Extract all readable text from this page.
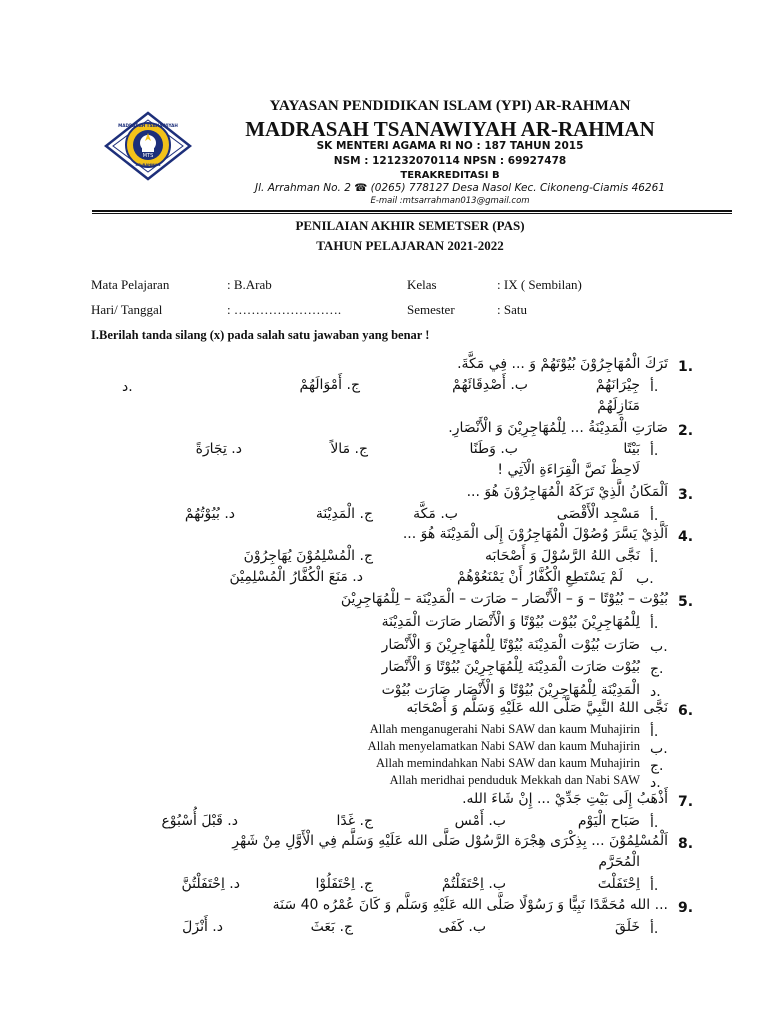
MTS
MADRASAH TSANAWIYAH
AR-RAHMAN
YAYASAN PENDIDIKAN ISLAM (YPI) AR-RAHMAN
MADRASAH TSANAWIYAH AR-RAHMAN
SK MENTERI AGAMA RI NO : 187 TAHUN 2015
NSM : 121232070114 NPSN : 69927478
TERAKREDITASI B
Jl. Arrahman No. 2 ☎ (0265) 778127 Desa Nasol Kec. Cikoneng-Ciamis 46261
E-mail :mtsarrahman013@gmail.com
PENILAIAN AKHIR SEMETSER (PAS)
TAHUN PELAJARAN 2021-2022
Mata Pelajaran	: B.Arab	Kelas	: IX ( Sembilan)
Hari/ Tanggal	: …………………….	Semester	: Satu
I.Berilah tanda silang (x) pada salah satu jawaban yang benar !
1.
تَرَكَ الْمُهَاجِرُوْنَ بُيُوْتَهُمْ وَ ... فِي مَكَّةَ.
أ.
جِيْرَانَهُمْ
ب. أَصْدِقَائَهُمْ
ج. أَمْوَالَهُمْ
د.
مَنَازِلَهُمْ
2.
صَارَتِ الْمَدِيْنَةُ ... لِلْمُهَاجِرِيْنَ وَ الْأَنْصَارِ.
أ.
بَيْتًا
ب. وَطَنًا
ج. مَالاً
د. تِجَارَةً
لَاحِظْ نَصَّ الْقِرَاءَةِ الْآتِي !
3.
اَلْمَكَانُ الَّذِيْ تَرَكَهُ الْمُهَاجِرُوْنَ هُوَ ...
أ.
مَسْجِد الْأَقْصَى
ب. مَكَّة
ج. الْمَدِيْنَة
د. بُيُوْتُهُمْ
4.
اَلَّذِيْ يَسَّرَ وُصُوْلَ الْمُهَاجِرُوْنَ إِلَى الْمَدِيْنَة هُوَ ...
أ.
نَجَّى اللهُ الرَّسُوْلَ وَ أَصْحَابَه
ج. الْمُسْلِمُوْنَ يُهَاجِرُوْنَ
ب.
لَمْ يَسْتَطِعِ الْكُفَّارُ أَنْ يَمْنَعُوْهُمْ
د. مَنَعَ الْكُفَّارُ الْمُسْلِمِيْنَ
5.
بُيُوْت – بُيُوْتًا – وَ – الْأَنْصَار – صَارَت – الْمَدِيْنَة – لِلْمُهَاجِرِيْنَ
أ.
لِلْمُهَاجِرِيْنَ بُيُوْت بُيُوْتًا وَ الْأَنْصَار صَارَت الْمَدِيْنَة
ب.
صَارَت بُيُوْت الْمَدِيْنَة بُيُوْتًا لِلْمُهَاجِرِيْنَ وَ الْأَنْصَار
ج.
بُيُوْت صَارَت الْمَدِيْنَة لِلْمُهَاجِرِيْنَ بُيُوْتًا وَ الْأَنْصَار
د.
الْمَدِيْنَة لِلْمُهَاجِرِيْنَ بُيُوْتًا وَ الْأَنْصَار صَارَت بُيُوْت
6.
نَجَّى اللهُ النَّبِيَّ صَلَّى الله عَلَيْهِ وَسَلَّم وَ أَصْحَابَه
أ.
Allah menganugerahi Nabi SAW dan kaum Muhajirin
ب.
Allah menyelamatkan Nabi SAW dan kaum Muhajirin
ج.
Allah memindahkan Nabi SAW dan kaum Muhajirin
د.
Allah meridhai penduduk Mekkah dan Nabi SAW
7.
أَذْهَبُ إِلَى بَيْتِ جَدِّيْ ... إِنْ شَاءَ الله.
أ.
صَبَاح الْيَوْم
ب. أَمْس
ج. غَدًا
د. قَبْلَ أُسْبُوْع
8.
اَلْمُسْلِمُوْنَ ... بِذِكْرَى هِجْرَة الرَّسُوْل صَلَّى الله عَلَيْهِ وَسَلَّم فِي الْأَوَّلِ مِنْ شَهْرِ
الْمُحَرَّم
أ.
اِحْتَفَلْتَ
ب. اِحْتَفَلْتُمْ
ج. اِحْتَفَلُوْا
د. اِحْتَفَلْتُنَّ
9.
... الله مُحَمَّدًا نَبِيًّا وَ رَسُوْلًا صَلَّى الله عَلَيْهِ وَسَلَّم وَ كَانَ عُمْرُه 40 سَنَة
أ.
خَلَقَ
ب. كَفَى
ج. بَعَثَ
د. أَنْزَلَ
